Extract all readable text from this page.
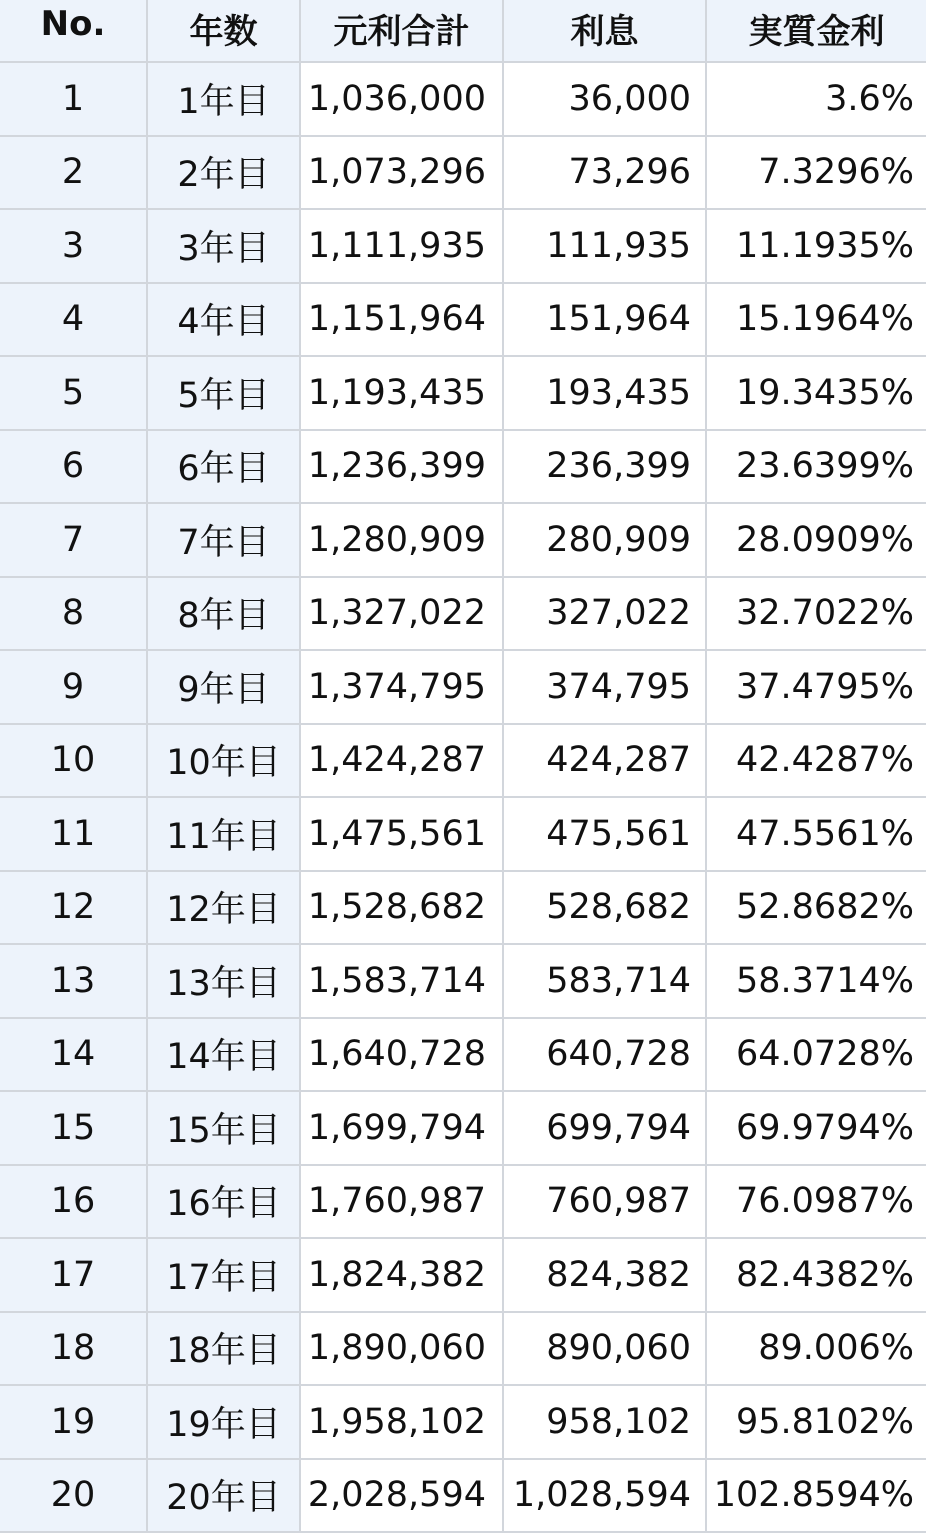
No.	年数	元利合計	利息	実質金利
1	1年目	1,036,000	36,000	3.6%
2	2年目	1,073,296	73,296	7.3296%
3	3年目	1,111,935	111,935	11.1935%
4	4年目	1,151,964	151,964	15.1964%
5	5年目	1,193,435	193,435	19.3435%
6	6年目	1,236,399	236,399	23.6399%
7	7年目	1,280,909	280,909	28.0909%
8	8年目	1,327,022	327,022	32.7022%
9	9年目	1,374,795	374,795	37.4795%
10	10年目	1,424,287	424,287	42.4287%
11	11年目	1,475,561	475,561	47.5561%
12	12年目	1,528,682	528,682	52.8682%
13	13年目	1,583,714	583,714	58.3714%
14	14年目	1,640,728	640,728	64.0728%
15	15年目	1,699,794	699,794	69.9794%
16	16年目	1,760,987	760,987	76.0987%
17	17年目	1,824,382	824,382	82.4382%
18	18年目	1,890,060	890,060	89.006%
19	19年目	1,958,102	958,102	95.8102%
20	20年目	2,028,594	1,028,594	102.8594%
